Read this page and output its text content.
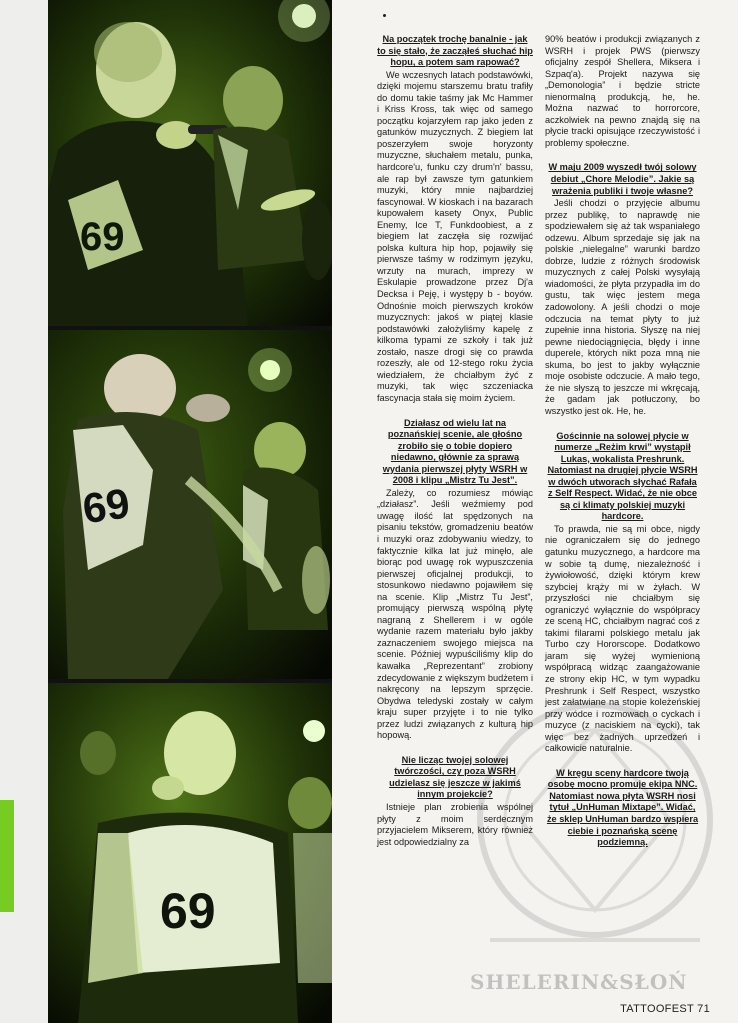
69
69
69
SHELERIN&SŁOŃ
Na początek trochę banalnie - jak to się stało, że zacząłeś słuchać hip hopu, a potem sam rapować?
We wczesnych latach podstawówki, dzięki mojemu starszemu bratu trafiły do domu takie taśmy jak Mc Hammer i Kriss Kross, tak więc od samego początku kojarzyłem rap jako jeden z gatunków muzycznych. Z biegiem lat poszerzyłem swoje horyzonty muzyczne, słuchałem metalu, punka, hardcore'u, funku czy drum'n' bassu, ale rap był zawsze tym gatunkiem muzyki, który mnie najbardziej fascynował. W kioskach i na bazarach kupowałem kasety Onyx, Public Enemy, Ice T, Funkdoobiest, a z biegiem lat zaczęła się rozwijać polska kultura hip hop, pojawiły się pierwsze taśmy w rodzimym języku, wrzuty na murach, imprezy w Eskulapie prowadzone przez Dj'a Decksa i Peję, i występy b - boyów. Odnośnie moich pierwszych kroków muzycznych: jakoś w piątej klasie podstawówki założyliśmy kapelę z kilkoma typami ze szkoły i tak już zostało, nasze drogi się co prawda rozeszły, ale od 12-stego roku życia wiedziałem, że chciałbym żyć z muzyki, tak więc szczeniacka fascynacja stała się moim życiem.
Działasz od wielu lat na poznańskiej scenie, ale głośno zrobiło się o tobie dopiero niedawno, głównie za sprawą wydania pierwszej płyty WSRH w 2008 i klipu „Mistrz Tu Jest”.
Zależy, co rozumiesz mówiąc „działasz”. Jeśli weźmiemy pod uwagę ilość lat spędzonych na pisaniu tekstów, gromadzeniu beatów i muzyki oraz zdobywaniu wiedzy, to faktycznie kilka lat już minęło, ale biorąc pod uwagę rok wypuszczenia pierwszej oficjalnej produkcji, to stosunkowo niedawno pojawiłem się na scenie. Klip „Mistrz Tu Jest”, promujący pierwszą wspólną płytę nagraną z Shellerem i w ogóle wydanie razem materiału było jakby zaznaczeniem swojego miejsca na scenie. Później wypuściliśmy klip do kawałka „Reprezentant” zrobiony zdecydowanie z większym budżetem i nakręcony na lepszym sprzęcie. Obydwa teledyski zostały w całym kraju super przyjęte i to nie tylko przez ludzi związanych z kulturą hip hopową.
Nie licząc twojej solowej twórczości, czy poza WSRH udzielasz się jeszcze w jakimś innym projekcie?
Istnieje plan zrobienia wspólnej płyty z moim serdecznym przyjacielem Mikserem, który również jest odpowiedzialny za
90% beatów i produkcji związanych z WSRH i projek PWS (pierwszy oficjalny zespół Shellera, Miksera i Szpaq'a). Projekt nazywa się „Demonologia” i będzie stricte nienormalną produkcją, he, he. Można nazwać to horrorcore, aczkolwiek na pewno znajdą się na płycie tracki opisujące rzeczywistość i problemy społeczne.
W maju 2009 wyszedł twój solowy debiut „Chore Melodie”. Jakie są wrażenia publiki i twoje własne?
Jeśli chodzi o przyjęcie albumu przez publikę, to naprawdę nie spodziewałem się aż tak wspaniałego odzewu. Album sprzedaje się jak na polskie „nielegalne” warunki bardzo dobrze, ludzie z różnych środowisk muzycznych z całej Polski wysyłają wiadomości, że płyta przypadła im do gustu, tak więc jestem mega zadowolony. A jeśli chodzi o moje odczucia na temat płyty to już zupełnie inna historia. Słyszę na niej pewne niedociągnięcia, błędy i inne duperele, których nikt poza mną nie skuma, bo jest to jakby wyłącznie moje osobiste odczucie. A mało tego, że nie słyszą to jeszcze mi wkręcają, że gadam jak potłuczony, bo wszystko jest ok. He, he.
Gościnnie na solowej płycie w numerze „Reżim krwi” wystąpił Lukas, wokalista Preshrunk. Natomiast na drugiej płycie WSRH w dwóch utworach słychać Rafała z Self Respect. Widać, że nie obce są ci klimaty polskiej muzyki hardcore.
To prawda, nie są mi obce, nigdy nie ograniczałem się do jednego gatunku muzycznego, a hardcore ma w sobie tą dumę, niezależność i żywiołowość, dzięki którym krew szybciej krąży mi w żyłach. W przyszłości nie chciałbym się ograniczyć wyłącznie do współpracy ze sceną HC, chciałbym nagrać coś z takimi filarami polskiego metalu jak Turbo czy Hororscope. Dodatkowo jaram się wyżej wymienioną współpracą widząc zaangażowanie ze strony ekip HC, w tym wypadku Preshrunk i Self Respect, wszystko jest załatwiane na stopie koleżeńskiej przy wódce i rozmowach o cyckach i muzyce (z naciskiem na cycki), tak więc bez żadnych uprzedzeń i całkowicie naturalnie.
W kręgu sceny hardcore twoją osobę mocno promuje ekipa NNC. Natomiast nowa płyta WSRH nosi tytuł „UnHuman Mixtape”. Widać, że sklep UnHuman bardzo wspiera ciebie i poznańską scenę podziemną.
TATTOOFEST 71
